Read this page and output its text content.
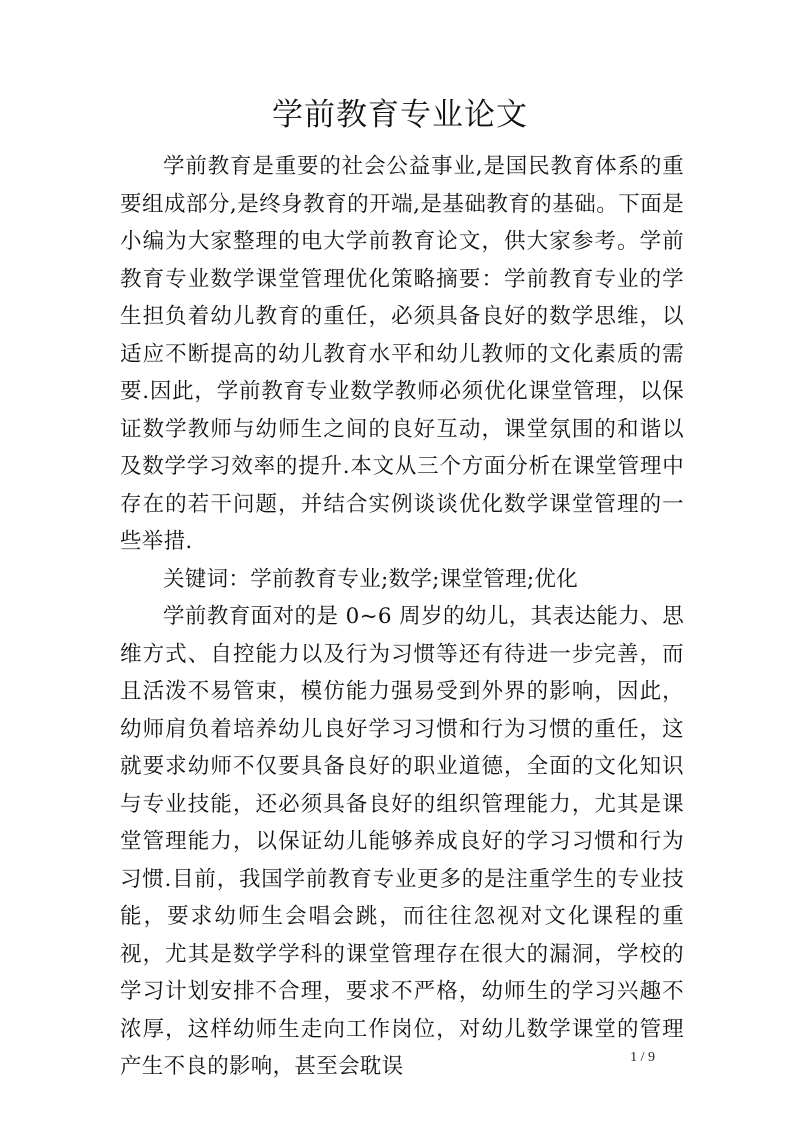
学前教育专业论文

学前教育是重要的社会公益事业,是国民教育体系的重要组成部分,是终身教育的开端,是基础教育的基础。下面是小编为大家整理的电大学前教育论文，供大家参考。学前教育专业数学课堂管理优化策略摘要：学前教育专业的学生担负着幼儿教育的重任，必须具备良好的数学思维，以适应不断提高的幼儿教育水平和幼儿教师的文化素质的需要.因此，学前教育专业数学教师必须优化课堂管理，以保证数学教师与幼师生之间的良好互动，课堂氛围的和谐以及数学学习效率的提升.本文从三个方面分析在课堂管理中存在的若干问题，并结合实例谈谈优化数学课堂管理的一些举措.

关键词：学前教育专业;数学;课堂管理;优化

学前教育面对的是 0~6 周岁的幼儿，其表达能力、思维方式、自控能力以及行为习惯等还有待进一步完善，而且活泼不易管束，模仿能力强易受到外界的影响，因此，幼师肩负着培养幼儿良好学习习惯和行为习惯的重任，这就要求幼师不仅要具备良好的职业道德，全面的文化知识与专业技能，还必须具备良好的组织管理能力，尤其是课堂管理能力，以保证幼儿能够养成良好的学习习惯和行为习惯.目前，我国学前教育专业更多的是注重学生的专业技能，要求幼师生会唱会跳，而往往忽视对文化课程的重视，尤其是数学学科的课堂管理存在很大的漏洞，学校的学习计划安排不合理，要求不严格，幼师生的学习兴趣不浓厚，这样幼师生走向工作岗位，对幼儿数学课堂的管理产生不良的影响，甚至会耽误	1 / 9
